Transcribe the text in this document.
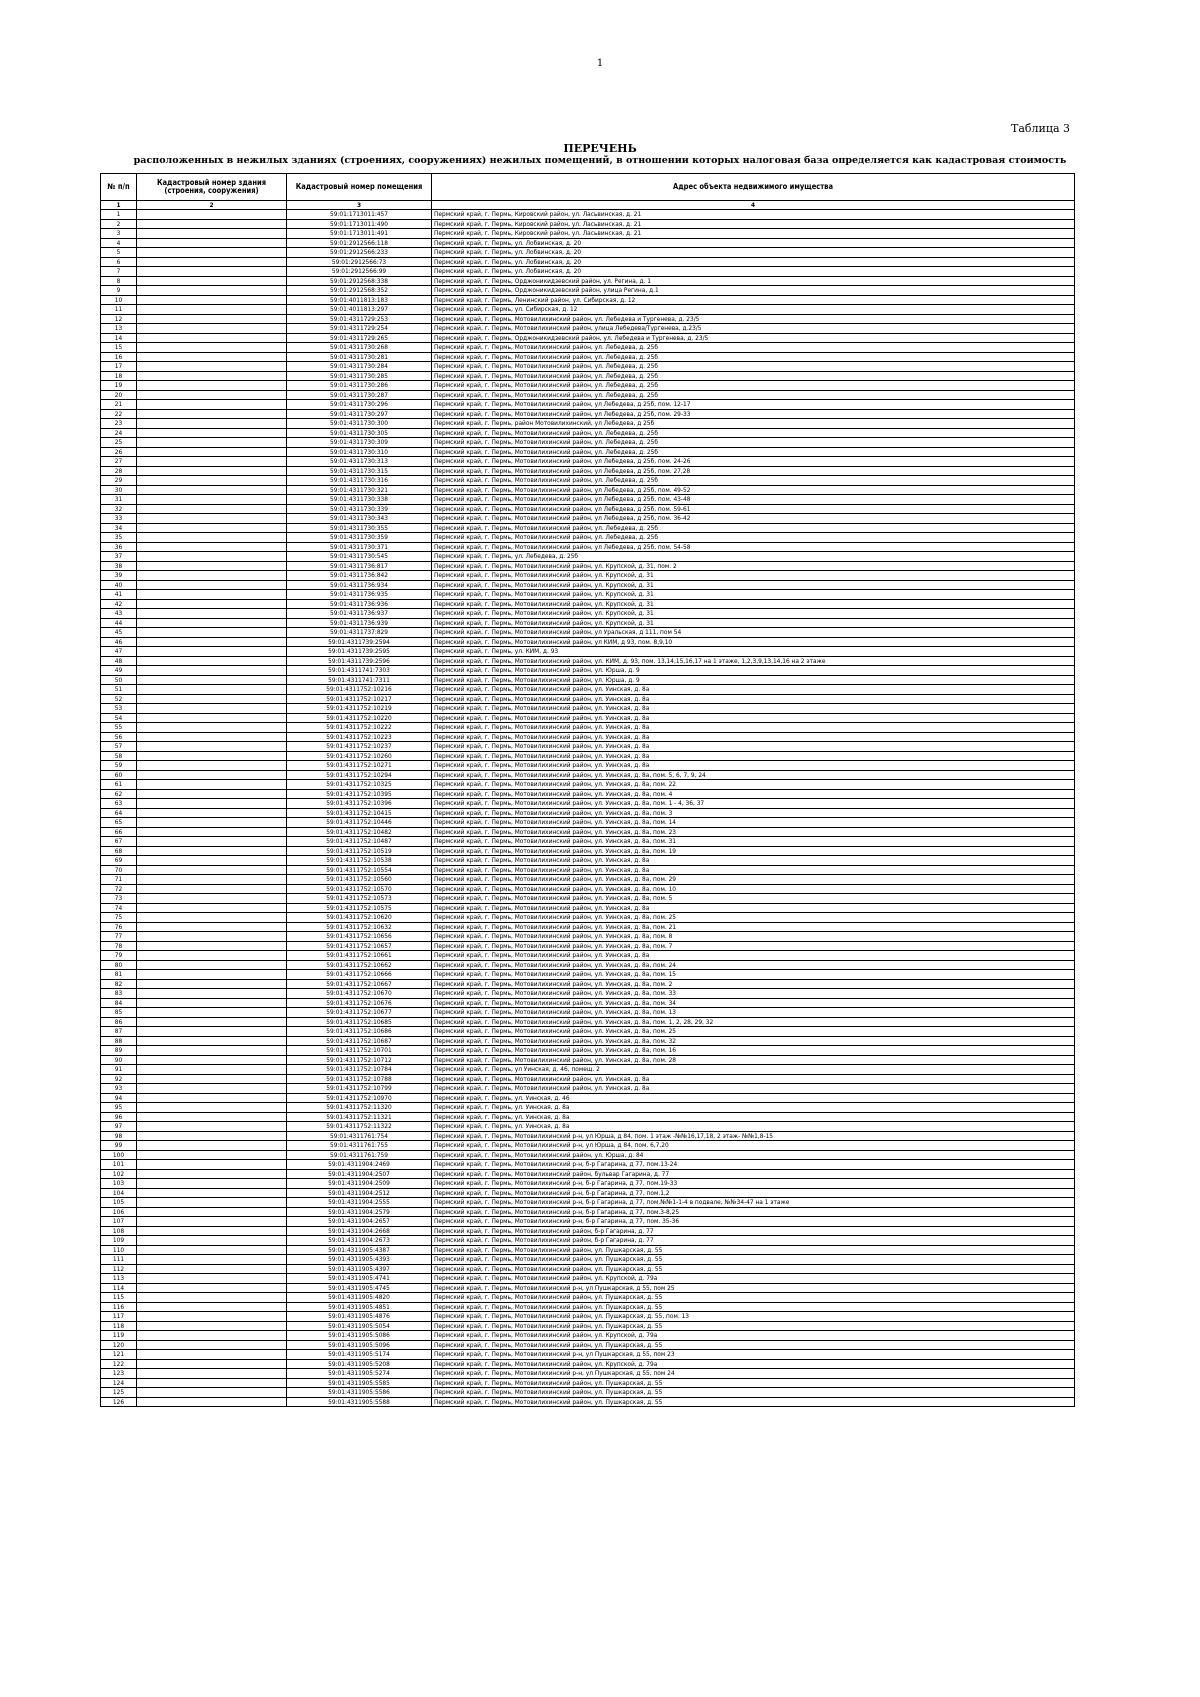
1
Таблица 3
ПЕРЕЧЕНЬ
расположенных в нежилых зданиях (строениях, сооружениях) нежилых помещений, в отношении которых налоговая база определяется как кадастровая стоимость
№ п/п	Кадастровый номер здания (строения, сооружения)	Кадастровый номер помещения	Адрес объекта недвижимого имущества
1	2	3	4
1		59:01:1713011:457	Пермский край, г. Пермь, Кировский район, ул. Ласьвинская, д. 21
2		59:01:1713011:490	Пермский край, г. Пермь, Кировский район, ул. Ласьвинская, д. 21
3		59:01:1713011:491	Пермский край, г. Пермь, Кировский район, ул. Ласьвинская, д. 21
4		59:01:2912566:118	Пермский край, г. Пермь, ул. Лобвинская, д. 20
5		59:01:2912566:233	Пермский край, г. Пермь, ул. Лобвинская, д. 20
6		59:01:2912566:73	Пермский край, г. Пермь, ул. Лобвинская, д. 20
7		59:01:2912566:99	Пермский край, г. Пермь, ул. Лобвинская, д. 20
8		59:01:2912568:338	Пермский край, г. Пермь, Орджоникидзевский район, ул. Регина, д. 1
9		59:01:2912568:352	Пермский край, г. Пермь, Орджоникидзевский район, улица Регина, д.1
10		59:01:4011813:183	Пермский край, г. Пермь, Ленинский район, ул. Сибирская, д. 12
11		59:01:4011813:297	Пермский край, г. Пермь, ул. Сибирская, д. 12
12		59:01:4311729:253	Пермский край, г. Пермь, Мотовилихинский район, ул. Лебедева и Тургенева, д. 23/5
13		59:01:4311729:254	Пермский край, г. Пермь, Мотовилихинский район, улица Лебедева/Тургенева, д.23/5
14		59:01:4311729:265	Пермский край, г. Пермь, Орджоникидзевский район, ул. Лебедева и Тургенева, д. 23/5
15		59:01:4311730:268	Пермский край, г. Пермь, Мотовилихинский район, ул. Лебедева, д. 25б
16		59:01:4311730:281	Пермский край, г. Пермь, Мотовилихинский район, ул. Лебедева, д. 25б
17		59:01:4311730:284	Пермский край, г. Пермь, Мотовилихинский район, ул. Лебедева, д. 25б
18		59:01:4311730:285	Пермский край, г. Пермь, Мотовилихинский район, ул. Лебедева, д. 25б
19		59:01:4311730:286	Пермский край, г. Пермь, Мотовилихинский район, ул. Лебедева, д. 25б
20		59:01:4311730:287	Пермский край, г. Пермь, Мотовилихинский район, ул. Лебедева, д. 25б
21		59:01:4311730:296	Пермский край, г. Пермь, Мотовилихинский район, ул Лебедева, д 25б, пом. 12-17
22		59:01:4311730:297	Пермский край, г. Пермь, Мотовилихинский район, ул Лебедева, д 25б, пом. 29-33
23		59:01:4311730:300	Пермский край, г. Пермь, район Мотовилихинский, ул Лебедева, д 25б
24		59:01:4311730:305	Пермский край, г. Пермь, Мотовилихинский район, ул. Лебедева, д. 25б
25		59:01:4311730:309	Пермский край, г. Пермь, Мотовилихинский район, ул. Лебедева, д. 25б
26		59:01:4311730:310	Пермский край, г. Пермь, Мотовилихинский район, ул. Лебедева, д. 25б
27		59:01:4311730:313	Пермский край, г. Пермь, Мотовилихинский район, ул Лебедева, д 25б, пом. 24-26
28		59:01:4311730:315	Пермский край, г. Пермь, Мотовилихинский район, ул Лебедева, д 25б, пом. 27,28
29		59:01:4311730:316	Пермский край, г. Пермь, Мотовилихинский район, ул. Лебедева, д. 25б
30		59:01:4311730:321	Пермский край, г. Пермь, Мотовилихинский район, ул Лебедева, д 25б, пом. 49-52
31		59:01:4311730:338	Пермский край, г. Пермь, Мотовилихинский район, ул Лебедева, д 25б, пом. 43-48
32		59:01:4311730:339	Пермский край, г. Пермь, Мотовилихинский район, ул Лебедева, д 25б, пом. 59-61
33		59:01:4311730:343	Пермский край, г. Пермь, Мотовилихинский район, ул Лебедева, д 25б, пом. 36-42
34		59:01:4311730:355	Пермский край, г. Пермь, Мотовилихинский район, ул. Лебедева, д. 25б
35		59:01:4311730:359	Пермский край, г. Пермь, Мотовилихинский район, ул. Лебедева, д. 25б
36		59:01:4311730:371	Пермский край, г. Пермь, Мотовилихинский район, ул Лебедева, д 25б, пом. 54-58
37		59:01:4311730:545	Пермский край, г. Пермь, ул. Лебедева, д. 25б
38		59:01:4311736:817	Пермский край, г. Пермь, Мотовилихинский район, ул. Крупской, д. 31, пом. 2
39		59:01:4311736:842	Пермский край, г. Пермь, Мотовилихинский район, ул. Крупской, д. 31
40		59:01:4311736:934	Пермский край, г. Пермь, Мотовилихинский район, ул. Крупской, д. 31
41		59:01:4311736:935	Пермский край, г. Пермь, Мотовилихинский район, ул. Крупской, д. 31
42		59:01:4311736:936	Пермский край, г. Пермь, Мотовилихинский район, ул. Крупской, д. 31
43		59:01:4311736:937	Пермский край, г. Пермь, Мотовилихинский район, ул. Крупской, д. 31
44		59:01:4311736:939	Пермский край, г. Пермь, Мотовилихинский район, ул. Крупской, д. 31
45		59:01:4311737:829	Пермский край, г. Пермь, Мотовилихинский район, ул Уральская, д 111, пом 54
46		59:01:4311739:2594	Пермский край, г. Пермь, Мотовилихинский район, ул КИМ, д 93, пом. 8,9,10
47		59:01:4311739:2595	Пермский край, г. Пермь, ул. КИМ, д. 93
48		59:01:4311739:2596	Пермский край, г. Пермь, Мотовилихинский район, ул. КИМ, д. 93, пом. 13,14,15,16,17 на 1 этаже, 1,2,3,9,13,14,16 на 2 этаже
49		59:01:4311741:7303	Пермский край, г. Пермь, Мотовилихинский район, ул. Юрша, д. 9
50		59:01:4311741:7311	Пермский край, г. Пермь, Мотовилихинский район, ул. Юрша, д. 9
51		59:01:4311752:10216	Пермский край, г. Пермь, Мотовилихинский район, ул. Уинская, д. 8а
52		59:01:4311752:10217	Пермский край, г. Пермь, Мотовилихинский район, ул. Уинская, д. 8а
53		59:01:4311752:10219	Пермский край, г. Пермь, Мотовилихинский район, ул. Уинская, д. 8а
54		59:01:4311752:10220	Пермский край, г. Пермь, Мотовилихинский район, ул. Уинская, д. 8а
55		59:01:4311752:10222	Пермский край, г. Пермь, Мотовилихинский район, ул. Уинская, д. 8а
56		59:01:4311752:10223	Пермский край, г. Пермь, Мотовилихинский район, ул. Уинская, д. 8а
57		59:01:4311752:10237	Пермский край, г. Пермь, Мотовилихинский район, ул. Уинская, д. 8а
58		59:01:4311752:10260	Пермский край, г. Пермь, Мотовилихинский район, ул. Уинская, д. 8а
59		59:01:4311752:10271	Пермский край, г. Пермь, Мотовилихинский район, ул. Уинская, д. 8а
60		59:01:4311752:10294	Пермский край, г. Пермь, Мотовилихинский район, ул. Уинская, д. 8а, пом. 5, 6, 7, 9, 24
61		59:01:4311752:10325	Пермский край, г. Пермь, Мотовилихинский район, ул. Уинская, д. 8а, пом. 22
62		59:01:4311752:10395	Пермский край, г. Пермь, Мотовилихинский район, ул. Уинская, д. 8а, пом. 4
63		59:01:4311752:10396	Пермский край, г. Пермь, Мотовилихинский район, ул. Уинская, д. 8а, пом. 1 - 4, 36, 37
64		59:01:4311752:10415	Пермский край, г. Пермь, Мотовилихинский район, ул. Уинская, д. 8а, пом. 3
65		59:01:4311752:10446	Пермский край, г. Пермь, Мотовилихинский район, ул. Уинская, д. 8а, пом. 14
66		59:01:4311752:10482	Пермский край, г. Пермь, Мотовилихинский район, ул. Уинская, д. 8а, пом. 23
67		59:01:4311752:10487	Пермский край, г. Пермь, Мотовилихинский район, ул. Уинская, д. 8а, пом. 31
68		59:01:4311752:10519	Пермский край, г. Пермь, Мотовилихинский район, ул. Уинская, д. 8а, пом. 19
69		59:01:4311752:10538	Пермский край, г. Пермь, Мотовилихинский район, ул. Уинская, д. 8а
70		59:01:4311752:10554	Пермский край, г. Пермь, Мотовилихинский район, ул. Уинская, д. 8а
71		59:01:4311752:10560	Пермский край, г. Пермь, Мотовилихинский район, ул. Уинская, д. 8а, пом. 29
72		59:01:4311752:10570	Пермский край, г. Пермь, Мотовилихинский район, ул. Уинская, д. 8а, пом. 10
73		59:01:4311752:10573	Пермский край, г. Пермь, Мотовилихинский район, ул. Уинская, д. 8а, пом. 5
74		59:01:4311752:10575	Пермский край, г. Пермь, Мотовилихинский район, ул. Уинская, д. 8а
75		59:01:4311752:10620	Пермский край, г. Пермь, Мотовилихинский район, ул. Уинская, д. 8а, пом. 25
76		59:01:4311752:10632	Пермский край, г. Пермь, Мотовилихинский район, ул. Уинская, д. 8а, пом. 21
77		59:01:4311752:10656	Пермский край, г. Пермь, Мотовилихинский район, ул. Уинская, д. 8а, пом. 8
78		59:01:4311752:10657	Пермский край, г. Пермь, Мотовилихинский район, ул. Уинская, д. 8а, пом. 7
79		59:01:4311752:10661	Пермский край, г. Пермь, Мотовилихинский район, ул. Уинская, д. 8а
80		59:01:4311752:10662	Пермский край, г. Пермь, Мотовилихинский район, ул. Уинская, д. 8а, пом. 24
81		59:01:4311752:10666	Пермский край, г. Пермь, Мотовилихинский район, ул. Уинская, д. 8а, пом. 15
82		59:01:4311752:10667	Пермский край, г. Пермь, Мотовилихинский район, ул. Уинская, д. 8а, пом. 2
83		59:01:4311752:10670	Пермский край, г. Пермь, Мотовилихинский район, ул. Уинская, д. 8а, пом. 33
84		59:01:4311752:10676	Пермский край, г. Пермь, Мотовилихинский район, ул. Уинская, д. 8а, пом. 34
85		59:01:4311752:10677	Пермский край, г. Пермь, Мотовилихинский район, ул. Уинская, д. 8а, пом. 13
86		59:01:4311752:10685	Пермский край, г. Пермь, Мотовилихинский район, ул. Уинская, д. 8а, пом. 1, 2, 28, 29, 32
87		59:01:4311752:10686	Пермский край, г. Пермь, Мотовилихинский район, ул. Уинская, д. 8а, пом. 25
88		59:01:4311752:10687	Пермский край, г. Пермь, Мотовилихинский район, ул. Уинская, д. 8а, пом. 32
89		59:01:4311752:10701	Пермский край, г. Пермь, Мотовилихинский район, ул. Уинская, д. 8а, пом. 16
90		59:01:4311752:10712	Пермский край, г. Пермь, Мотовилихинский район, ул. Уинская, д. 8а, пом. 28
91		59:01:4311752:10784	Пермский край, г. Пермь, ул Уинская, д. 46, помещ. 2
92		59:01:4311752:10788	Пермский край, г. Пермь, Мотовилихинский район, ул. Уинская, д. 8а
93		59:01:4311752:10799	Пермский край, г. Пермь, Мотовилихинский район, ул. Уинская, д. 8а
94		59:01:4311752:10970	Пермский край, г. Пермь, ул. Уинская, д. 46
95		59:01:4311752:11320	Пермский край, г. Пермь, ул. Уинская, д. 8а
96		59:01:4311752:11321	Пермский край, г. Пермь, ул. Уинская, д. 8а
97		59:01:4311752:11322	Пермский край, г. Пермь, ул. Уинская, д. 8а
98		59:01:4311761:754	Пермский край, г. Пермь, Мотовилихинский р-н, ул Юрша, д 84, пом. 1 этаж -№№16,17,18, 2 этаж- №№1,8-15
99		59:01:4311761:755	Пермский край, г. Пермь, Мотовилихинский р-н, ул Юрша, д 84, пом. 6,7,20
100		59:01:4311761:759	Пермский край, г. Пермь, Мотовилихинский район, ул. Юрша, д. 84
101		59:01:4311904:2469	Пермский край, г. Пермь, Мотовилихинский р-н, б-р Гагарина, д 77, пом.13-24
102		59:01:4311904:2507	Пермский край, г. Пермь, Мотовилихинский район, бульвар Гагарина, д. 77
103		59:01:4311904:2509	Пермский край, г. Пермь, Мотовилихинский р-н, б-р Гагарина, д 77, пом.19-33
104		59:01:4311904:2512	Пермский край, г. Пермь, Мотовилихинский р-н, б-р Гагарина, д 77, пом.1,2
105		59:01:4311904:2555	Пермский край, г. Пермь, Мотовилихинский р-н, б-р Гагарина, д 77, пом.№№1-1-4 в подвале, №№34-47 на 1 этаже
106		59:01:4311904:2579	Пермский край, г. Пермь, Мотовилихинский р-н, б-р Гагарина, д 77, пом.3-8,25
107		59:01:4311904:2657	Пермский край, г. Пермь, Мотовилихинский р-н, б-р Гагарина, д 77, пом. 35-36
108		59:01:4311904:2668	Пермский край, г. Пермь, Мотовилихинский район, б-р Гагарина, д. 77
109		59:01:4311904:2673	Пермский край, г. Пермь, Мотовилихинский район, б-р Гагарина, д. 77
110		59:01:4311905:4387	Пермский край, г. Пермь, Мотовилихинский район, ул. Пушкарская, д. 55
111		59:01:4311905:4393	Пермский край, г. Пермь, Мотовилихинский район, ул. Пушкарская, д. 55
112		59:01:4311905:4397	Пермский край, г. Пермь, Мотовилихинский район, ул. Пушкарская, д. 55
113		59:01:4311905:4741	Пермский край, г. Пермь, Мотовилихинский район, ул. Крупской, д. 79а
114		59:01:4311905:4745	Пермский край, г. Пермь, Мотовилихинский р-н, ул Пушкарская, д 55, пом 25
115		59:01:4311905:4820	Пермский край, г. Пермь, Мотовилихинский район, ул. Пушкарская, д. 55
116		59:01:4311905:4851	Пермский край, г. Пермь, Мотовилихинский район, ул. Пушкарская, д. 55
117		59:01:4311905:4876	Пермский край, г. Пермь, Мотовилихинский район, ул. Пушкарская, д. 55, пом. 13
118		59:01:4311905:5054	Пермский край, г. Пермь, Мотовилихинский район, ул. Пушкарская, д. 55
119		59:01:4311905:5086	Пермский край, г. Пермь, Мотовилихинский район, ул. Крупской, д. 79а
120		59:01:4311905:5096	Пермский край, г. Пермь, Мотовилихинский район, ул. Пушкарская, д. 55
121		59:01:4311905:5174	Пермский край, г. Пермь, Мотовилихинский р-н, ул Пушкарская, д 55, пом 23
122		59:01:4311905:5208	Пермский край, г. Пермь, Мотовилихинский район, ул. Крупской, д. 79а
123		59:01:4311905:5274	Пермский край, г. Пермь, Мотовилихинский р-н, ул Пушкарская, д 55, пом 24
124		59:01:4311905:5585	Пермский край, г. Пермь, Мотовилихинский район, ул. Пушкарская, д. 55
125		59:01:4311905:5586	Пермский край, г. Пермь, Мотовилихинский район, ул. Пушкарская, д. 55
126		59:01:4311905:5588	Пермский край, г. Пермь, Мотовилихинский район, ул. Пушкарская, д. 55
